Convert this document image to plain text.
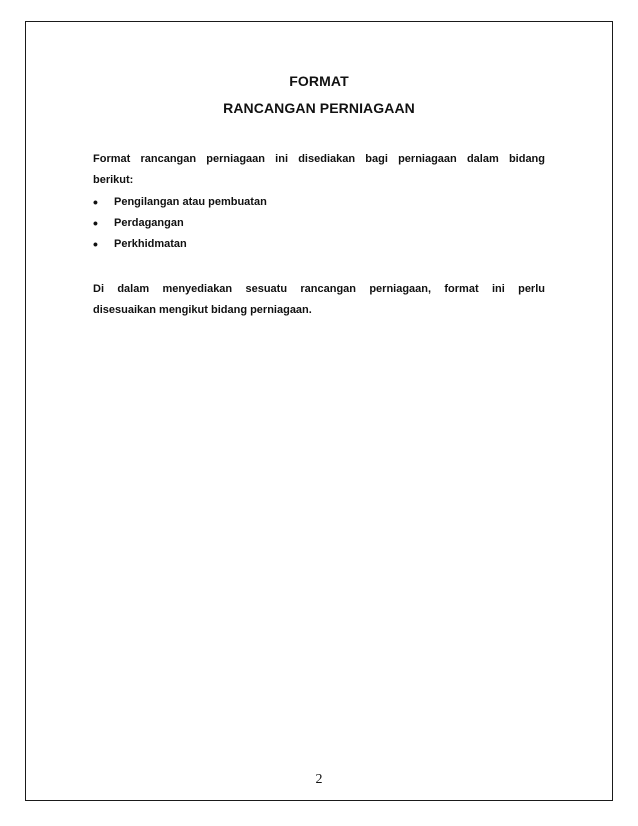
FORMAT
RANCANGAN PERNIAGAAN
Format rancangan perniagaan ini disediakan bagi perniagaan dalam bidang
berikut:
•	Pengilangan atau pembuatan
•	Perdagangan
•	Perkhidmatan
Di dalam menyediakan sesuatu rancangan perniagaan, format ini perlu
disesuaikan mengikut bidang perniagaan.
2
